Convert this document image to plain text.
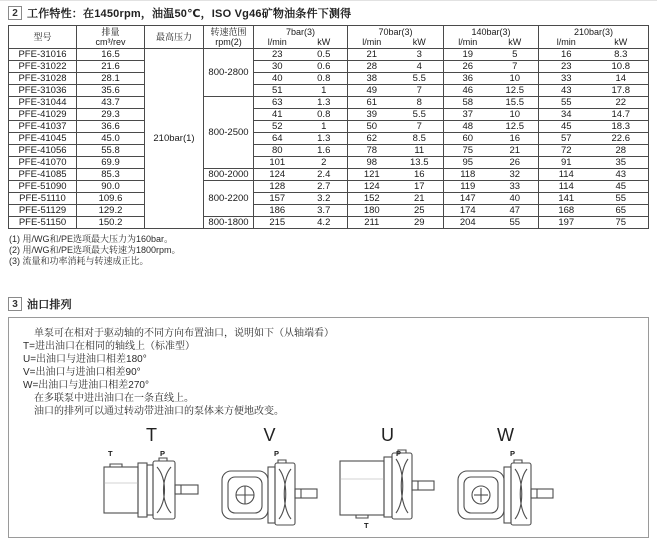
2 工作特性：在1450rpm，油温50℃，ISO Vg46矿物油条件下测得
型号	排量
cm³/rev	最高压力	转速范围
rpm(2)
	7bar(3)	70bar(3)	140bar(3)	210bar(3)
				l/min	kW	l/min	kW	l/min	kW	l/min	kW
PFE-31016	16.5	210bar(1)	800-2800	23	0.5	21	3	19	5	16	8.3
PFE-31022	21.6			30	0.6	28	4	26	7	23	10.8
PFE-31028	28.1			40	0.8	38	5.5	36	10	33	14
PFE-31036	35.6			51	1	49	7	46	12.5	43	17.8
PFE-31044	43.7		800-2500	63	1.3	61	8	58	15.5	55	22
PFE-41029	29.3			41	0.8	39	5.5	37	10	34	14.7
PFE-41037	36.6			52	1	50	7	48	12.5	45	18.3
PFE-41045	45.0			64	1.3	62	8.5	60	16	57	22.6
PFE-41056	55.8			80	1.6	78	11	75	21	72	28
PFE-41070	69.9			101	2	98	13.5	95	26	91	35
PFE-41085	85.3		800-2000	124	2.4	121	16	118	32	114	43
PFE-51090	90.0		800-2200	128	2.7	124	17	119	33	114	45
PFE-51110	109.6			157	3.2	152	21	147	40	141	55
PFE-51129	129.2			186	3.7	180	25	174	47	168	65
PFE-51150	150.2		800-1800	215	4.2	211	29	204	55	197	75
(1) 用/WG和/PE选项最大压力为160bar。
(2) 用/WG和/PE选项最大转速为1800rpm。
(3) 流量和功率消耗与转速成正比。
3 油口排列
单泵可在相对于驱动轴的不同方向布置油口，说明如下（从轴端看）
T=进出油口在相同的轴线上（标准型）
U=出油口与进油口相差180°
V=出油口与进油口相差90°
W=出油口与进油口相差270°
在多联泵中进出油口在一条直线上。
油口的排列可以通过转动带进油口的泵体来方便地改变。
T
T	P
V
P
U
P
T
W
P
